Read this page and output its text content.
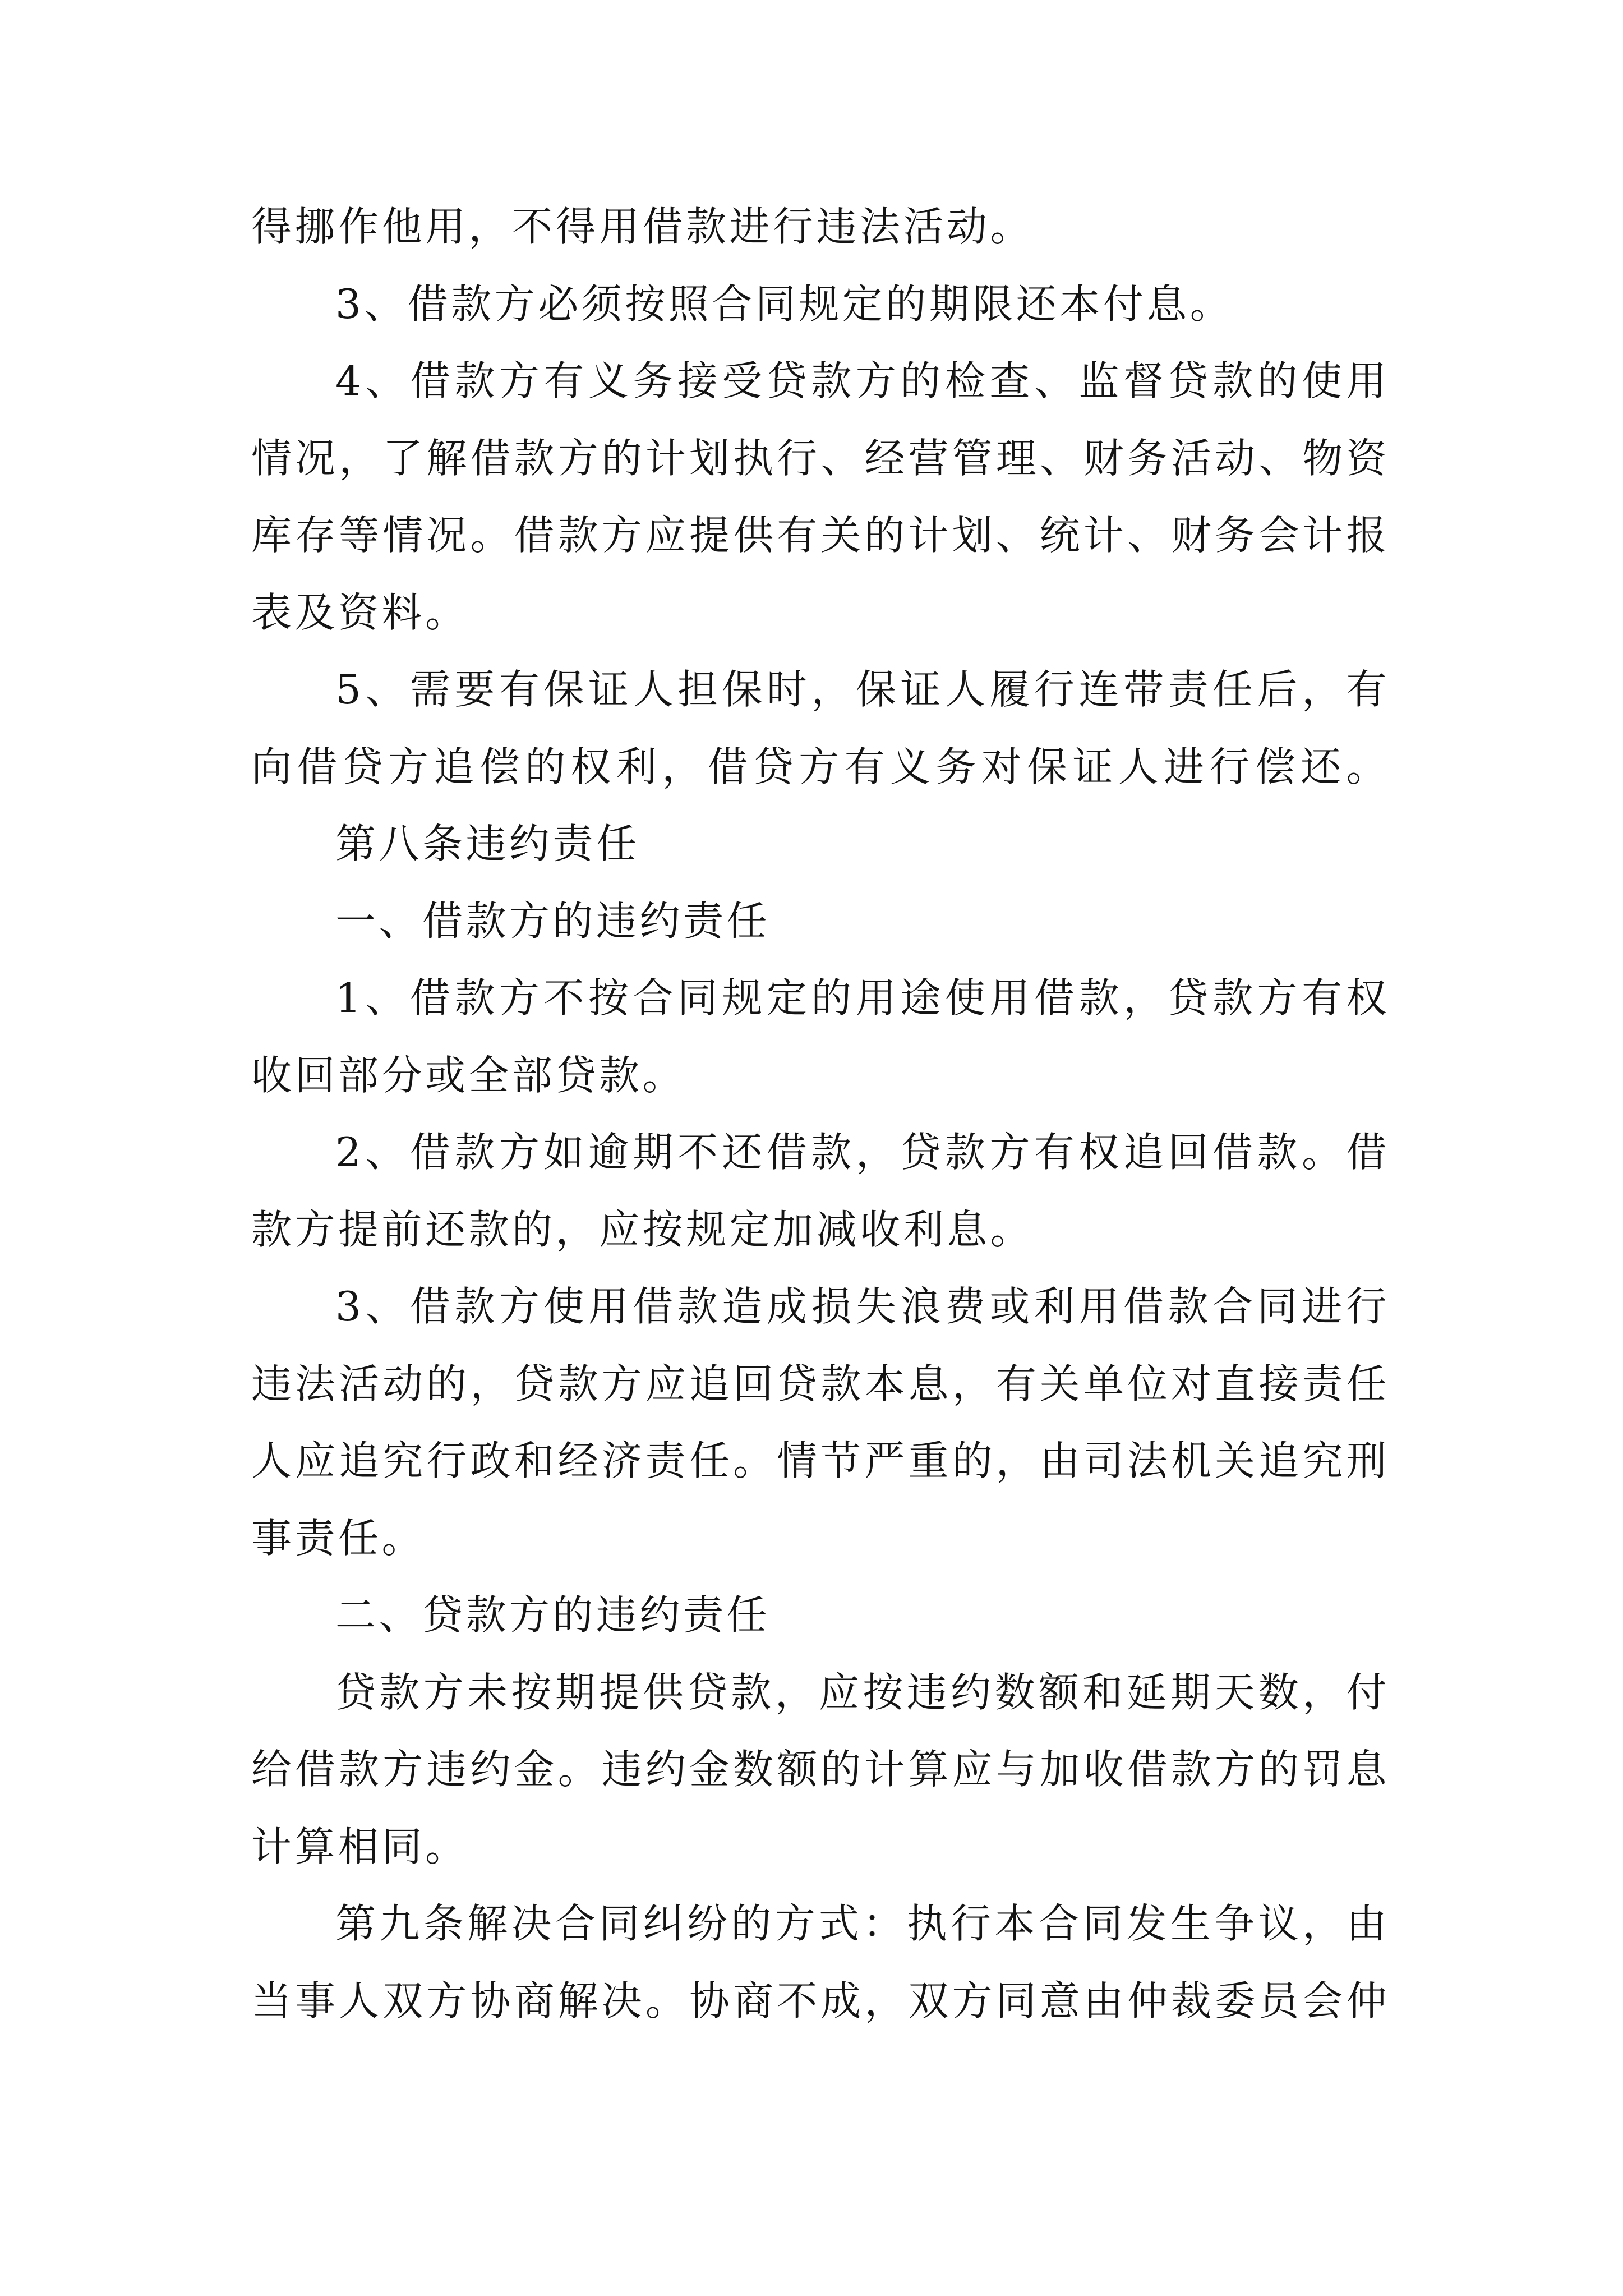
得挪作他用，不得用借款进行违法活动。
3、借款方必须按照合同规定的期限还本付息。
4、借款方有义务接受贷款方的检查、监督贷款的使用
情况，了解借款方的计划执行、经营管理、财务活动、物资
库存等情况。借款方应提供有关的计划、统计、财务会计报
表及资料。
5、需要有保证人担保时，保证人履行连带责任后，有
向借贷方追偿的权利，借贷方有义务对保证人进行偿还。
第八条违约责任
一、借款方的违约责任
1、借款方不按合同规定的用途使用借款，贷款方有权
收回部分或全部贷款。
2、借款方如逾期不还借款，贷款方有权追回借款。借
款方提前还款的，应按规定加减收利息。
3、借款方使用借款造成损失浪费或利用借款合同进行
违法活动的，贷款方应追回贷款本息，有关单位对直接责任
人应追究行政和经济责任。情节严重的，由司法机关追究刑
事责任。
二、贷款方的违约责任
贷款方未按期提供贷款，应按违约数额和延期天数，付
给借款方违约金。违约金数额的计算应与加收借款方的罚息
计算相同。
第九条解决合同纠纷的方式：执行本合同发生争议，由
当事人双方协商解决。协商不成，双方同意由仲裁委员会仲
